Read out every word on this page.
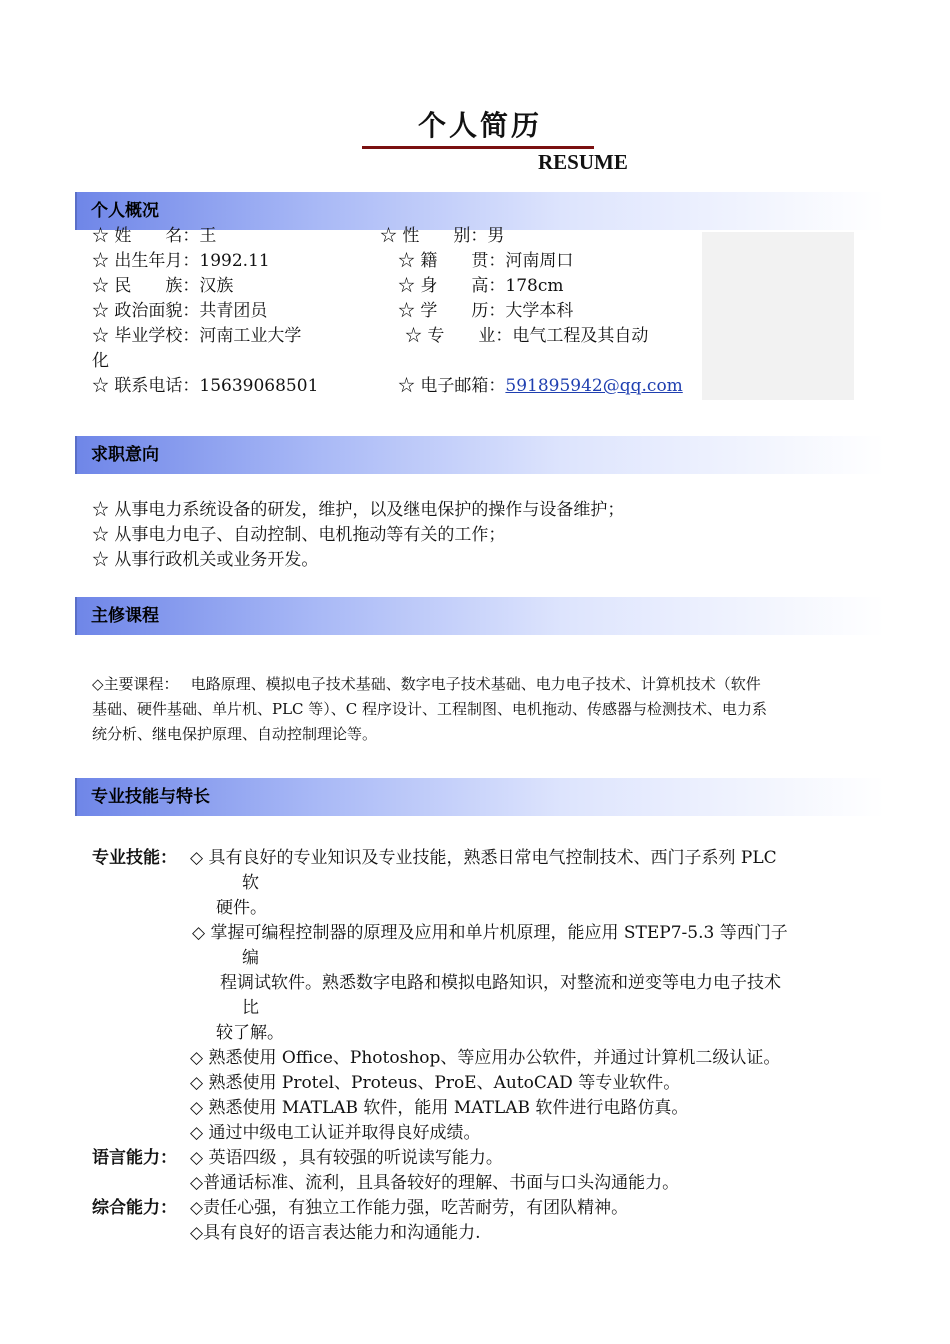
个人简历
RESUME
个人概况
☆ 姓　　名：王	☆ 性　　别：男
☆ 出生年月：1992.11	☆ 籍　　贯：河南周口
☆ 民　　族：汉族	☆ 身　　高：178cm
☆ 政治面貌：共青团员	☆ 学　　历：大学本科
☆ 毕业学校：河南工业大学	☆ 专　　业：电气工程及其自动
化
☆ 联系电话：15639068501	☆ 电子邮箱：591895942@qq.com
求职意向
☆ 从事电力系统设备的研发，维护，以及继电保护的操作与设备维护；
☆ 从事电力电子、自动控制、电机拖动等有关的工作；
☆ 从事行政机关或业务开发。
主修课程
◇主要课程：　 电路原理、模拟电子技术基础、数字电子技术基础、电力电子技术、计算机技术（软件
基础、硬件基础、单片机、PLC 等）、C 程序设计、工程制图、电机拖动、传感器与检测技术、电力系
统分析、继电保护原理、自动控制理论等。
专业技能与特长
专业技能： ◇ 具有良好的专业知识及专业技能，熟悉日常电气控制技术、西门子系列 PLC
软
硬件。
◇ 掌握可编程控制器的原理及应用和单片机原理，能应用 STEP7-5.3 等西门子
编
程调试软件。熟悉数字电路和模拟电路知识，对整流和逆变等电力电子技术
比
较了解。
◇ 熟悉使用 Office、Photoshop、等应用办公软件，并通过计算机二级认证。
◇ 熟悉使用 Protel、Proteus、ProE、AutoCAD 等专业软件。
◇ 熟悉使用 MATLAB 软件，能用 MATLAB 软件进行电路仿真。
◇ 通过中级电工认证并取得良好成绩。
语言能力： ◇ 英语四级 ，具有较强的听说读写能力。
◇普通话标准、流利，且具备较好的理解、书面与口头沟通能力。
综合能力： ◇责任心强，有独立工作能力强，吃苦耐劳，有团队精神。
◇具有良好的语言表达能力和沟通能力.
